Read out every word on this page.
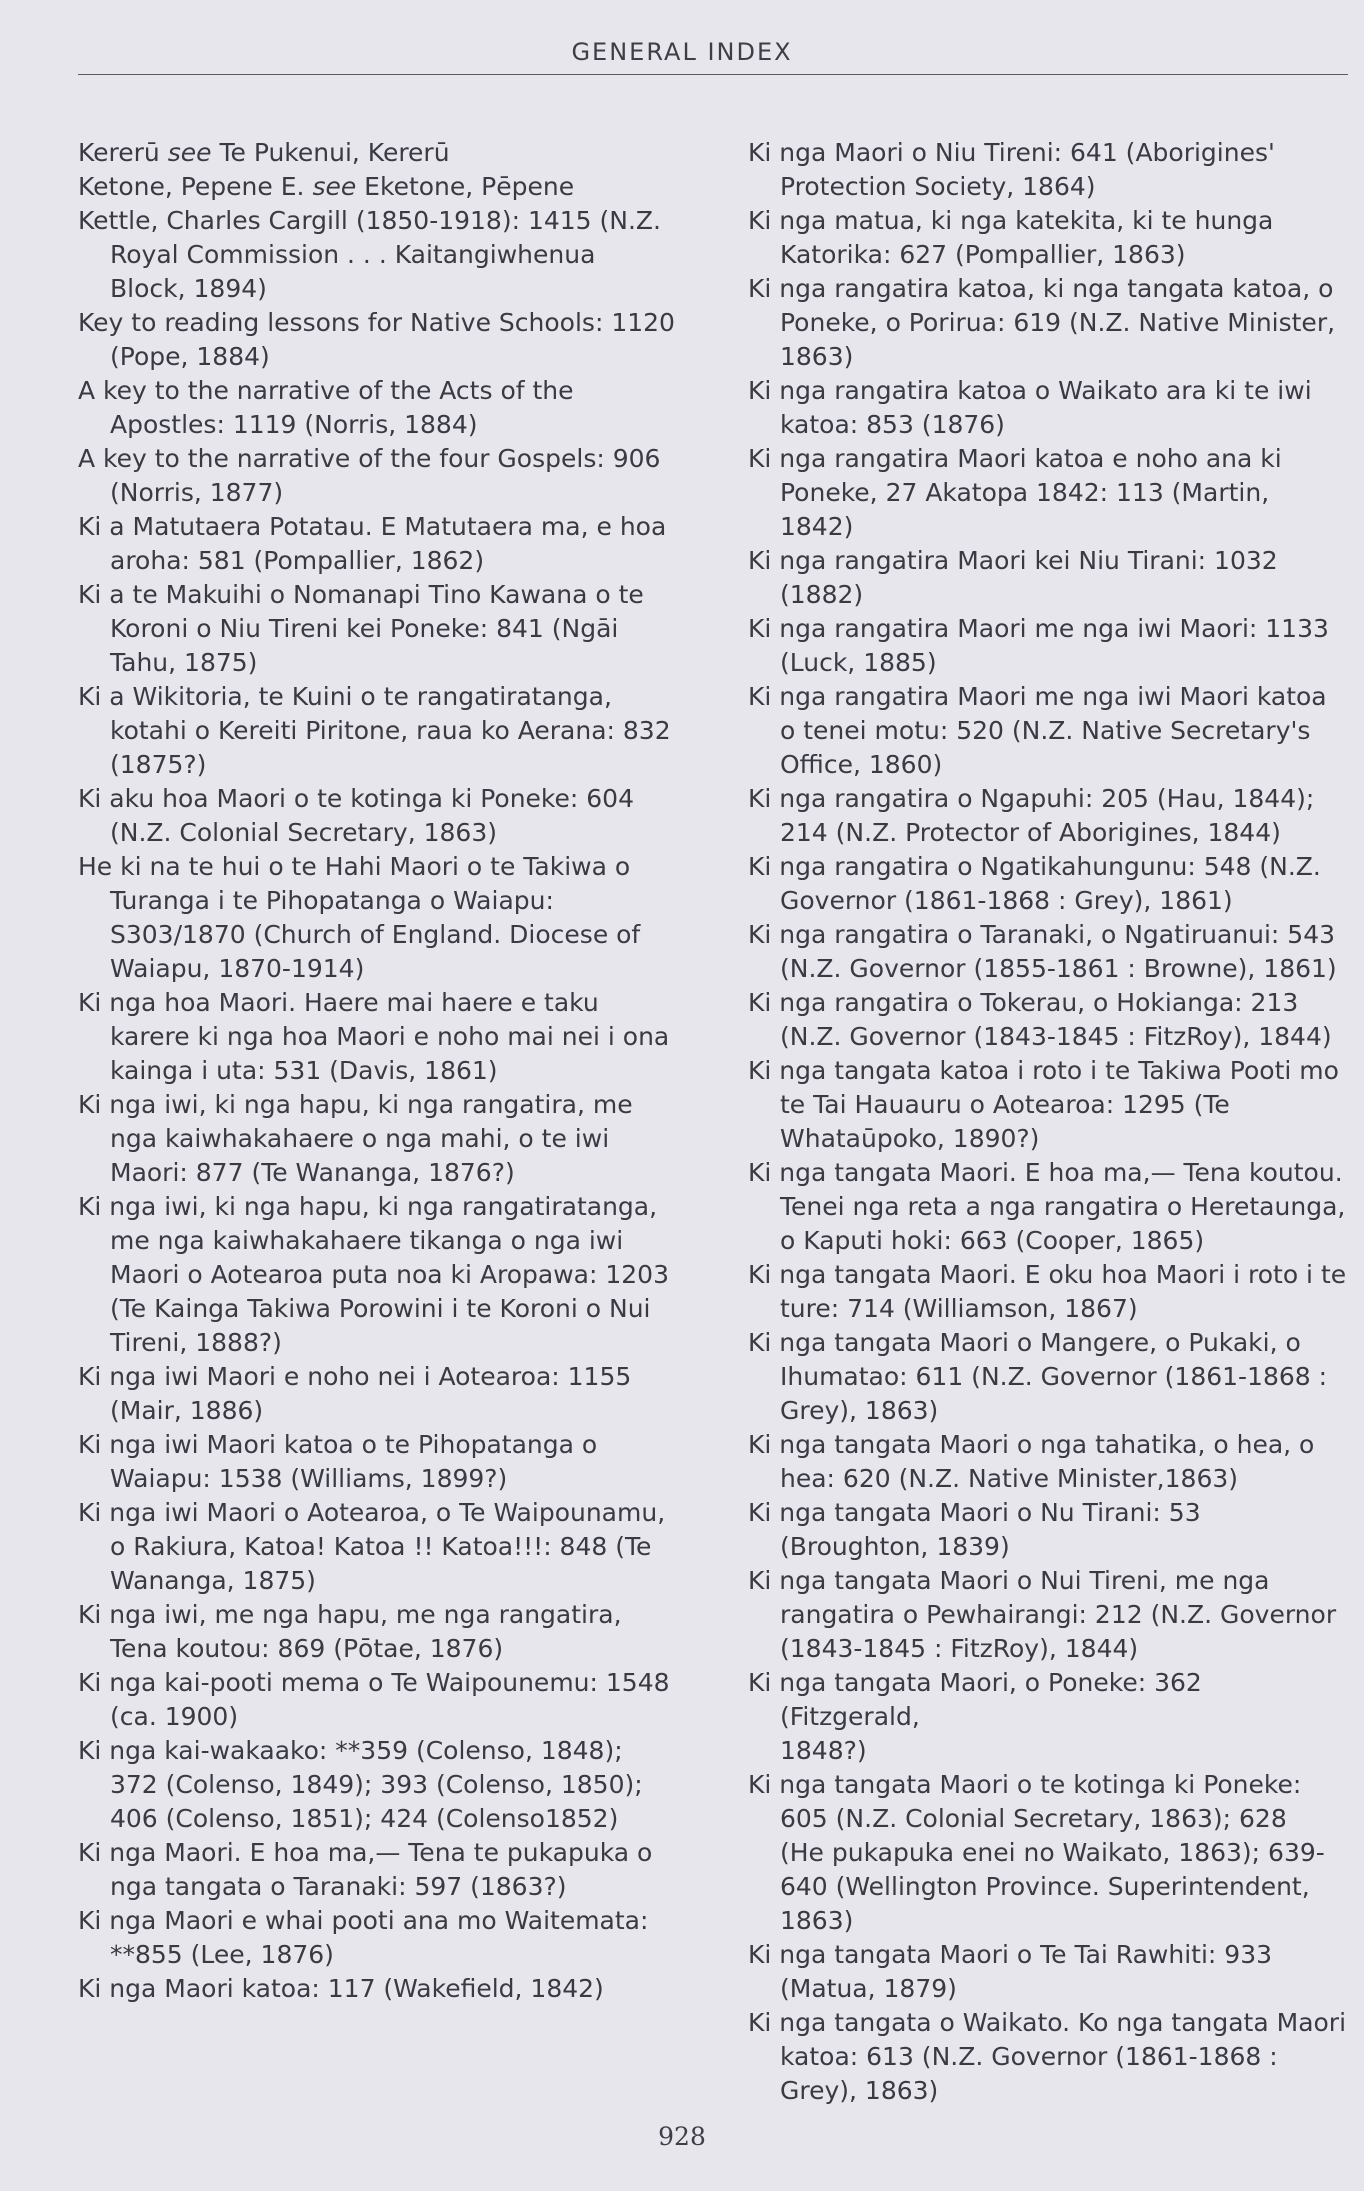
GENERAL INDEX
Kererū see Te Pukenui, Kererū
Ketone, Pepene E. see Eketone, Pēpene
Kettle, Charles Cargill (1850-1918): 1415 (N.Z.
Royal Commission . . . Kaitangiwhenua
Block, 1894)
Key to reading lessons for Native Schools: 1120
(Pope, 1884)
A key to the narrative of the Acts of the
Apostles: 1119 (Norris, 1884)
A key to the narrative of the four Gospels: 906
(Norris, 1877)
Ki a Matutaera Potatau. E Matutaera ma, e hoa
aroha: 581 (Pompallier, 1862)
Ki a te Makuihi o Nomanapi Tino Kawana o te
Koroni o Niu Tireni kei Poneke: 841 (Ngāi
Tahu, 1875)
Ki a Wikitoria, te Kuini o te rangatiratanga,
kotahi o Kereiti Piritone, raua ko Aerana: 832
(1875?)
Ki aku hoa Maori o te kotinga ki Poneke: 604
(N.Z. Colonial Secretary, 1863)
He ki na te hui o te Hahi Maori o te Takiwa o
Turanga i te Pihopatanga o Waiapu:
S303/1870 (Church of England. Diocese of
Waiapu, 1870-1914)
Ki nga hoa Maori. Haere mai haere e taku
karere ki nga hoa Maori e noho mai nei i ona
kainga i uta: 531 (Davis, 1861)
Ki nga iwi, ki nga hapu, ki nga rangatira, me
nga kaiwhakahaere o nga mahi, o te iwi
Maori: 877 (Te Wananga, 1876?)
Ki nga iwi, ki nga hapu, ki nga rangatiratanga,
me nga kaiwhakahaere tikanga o nga iwi
Maori o Aotearoa puta noa ki Aropawa: 1203
(Te Kainga Takiwa Porowini i te Koroni o Nui
Tireni, 1888?)
Ki nga iwi Maori e noho nei i Aotearoa: 1155
(Mair, 1886)
Ki nga iwi Maori katoa o te Pihopatanga o
Waiapu: 1538 (Williams, 1899?)
Ki nga iwi Maori o Aotearoa, o Te Waipounamu,
o Rakiura, Katoa! Katoa !! Katoa!!!: 848 (Te
Wananga, 1875)
Ki nga iwi, me nga hapu, me nga rangatira,
Tena koutou: 869 (Pōtae, 1876)
Ki nga kai-pooti mema o Te Waipounemu: 1548
(ca. 1900)
Ki nga kai-wakaako: **359 (Colenso, 1848);
372 (Colenso, 1849); 393 (Colenso, 1850);
406 (Colenso, 1851); 424 (Colenso1852)
Ki nga Maori. E hoa ma,— Tena te pukapuka o
nga tangata o Taranaki: 597 (1863?)
Ki nga Maori e whai pooti ana mo Waitemata:
**855 (Lee, 1876)
Ki nga Maori katoa: 117 (Wakefield, 1842)
Ki nga Maori o Niu Tireni: 641 (Aborigines'
Protection Society, 1864)
Ki nga matua, ki nga katekita, ki te hunga
Katorika: 627 (Pompallier, 1863)
Ki nga rangatira katoa, ki nga tangata katoa, o
Poneke, o Porirua: 619 (N.Z. Native Minister,
1863)
Ki nga rangatira katoa o Waikato ara ki te iwi
katoa: 853 (1876)
Ki nga rangatira Maori katoa e noho ana ki
Poneke, 27 Akatopa 1842: 113 (Martin, 1842)
Ki nga rangatira Maori kei Niu Tirani: 1032
(1882)
Ki nga rangatira Maori me nga iwi Maori: 1133
(Luck, 1885)
Ki nga rangatira Maori me nga iwi Maori katoa
o tenei motu: 520 (N.Z. Native Secretary's
Office, 1860)
Ki nga rangatira o Ngapuhi: 205 (Hau, 1844);
214 (N.Z. Protector of Aborigines, 1844)
Ki nga rangatira o Ngatikahungunu: 548 (N.Z.
Governor (1861-1868 : Grey), 1861)
Ki nga rangatira o Taranaki, o Ngatiruanui: 543
(N.Z. Governor (1855-1861 : Browne), 1861)
Ki nga rangatira o Tokerau, o Hokianga: 213
(N.Z. Governor (1843-1845 : FitzRoy), 1844)
Ki nga tangata katoa i roto i te Takiwa Pooti mo
te Tai Hauauru o Aotearoa: 1295 (Te
Whataūpoko, 1890?)
Ki nga tangata Maori. E hoa ma,— Tena koutou.
Tenei nga reta a nga rangatira o Heretaunga,
o Kaputi hoki: 663 (Cooper, 1865)
Ki nga tangata Maori. E oku hoa Maori i roto i te
ture: 714 (Williamson, 1867)
Ki nga tangata Maori o Mangere, o Pukaki, o
Ihumatao: 611 (N.Z. Governor (1861-1868 :
Grey), 1863)
Ki nga tangata Maori o nga tahatika, o hea, o
hea: 620 (N.Z. Native Minister,1863)
Ki nga tangata Maori o Nu Tirani: 53
(Broughton, 1839)
Ki nga tangata Maori o Nui Tireni, me nga
rangatira o Pewhairangi: 212 (N.Z. Governor
(1843-1845 : FitzRoy), 1844)
Ki nga tangata Maori, o Poneke: 362 (Fitzgerald,
1848?)
Ki nga tangata Maori o te kotinga ki Poneke:
605 (N.Z. Colonial Secretary, 1863); 628
(He pukapuka enei no Waikato, 1863); 639-
640 (Wellington Province. Superintendent,
1863)
Ki nga tangata Maori o Te Tai Rawhiti: 933
(Matua, 1879)
Ki nga tangata o Waikato. Ko nga tangata Maori
katoa: 613 (N.Z. Governor (1861-1868 :
Grey), 1863)
928
